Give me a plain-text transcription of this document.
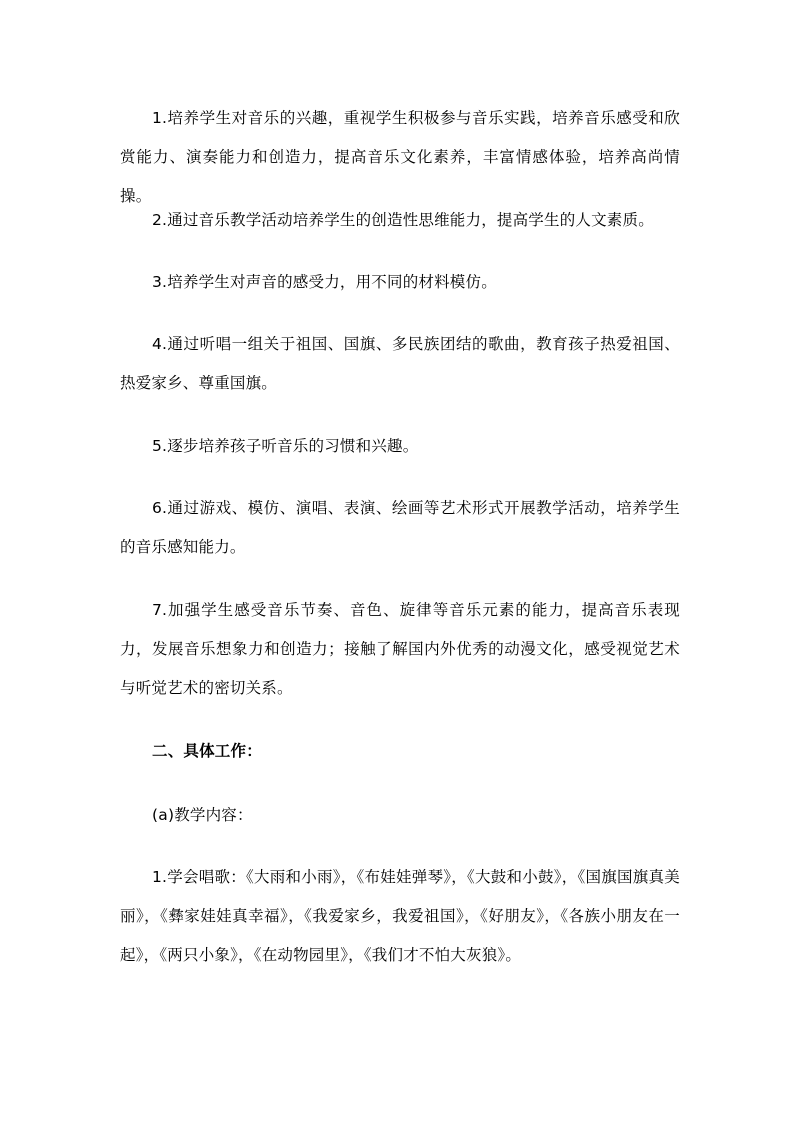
1.培养学生对音乐的兴趣，重视学生积极参与音乐实践，培养音乐感受和欣赏能力、演奏能力和创造力，提高音乐文化素养，丰富情感体验，培养高尚情操。

2.通过音乐教学活动培养学生的创造性思维能力，提高学生的人文素质。

3.培养学生对声音的感受力，用不同的材料模仿。

4.通过听唱一组关于祖国、国旗、多民族团结的歌曲，教育孩子热爱祖国、热爱家乡、尊重国旗。

5.逐步培养孩子听音乐的习惯和兴趣。

6.通过游戏、模仿、演唱、表演、绘画等艺术形式开展教学活动，培养学生的音乐感知能力。

7.加强学生感受音乐节奏、音色、旋律等音乐元素的能力，提高音乐表现力，发展音乐想象力和创造力；接触了解国内外优秀的动漫文化，感受视觉艺术与听觉艺术的密切关系。

二、具体工作：

(a)教学内容：

1.学会唱歌：《大雨和小雨》，《布娃娃弹琴》，《大鼓和小鼓》，《国旗国旗真美丽》，《彝家娃娃真幸福》，《我爱家乡，我爱祖国》，《好朋友》，《各族小朋友在一起》，《两只小象》，《在动物园里》，《我们才不怕大灰狼》。
